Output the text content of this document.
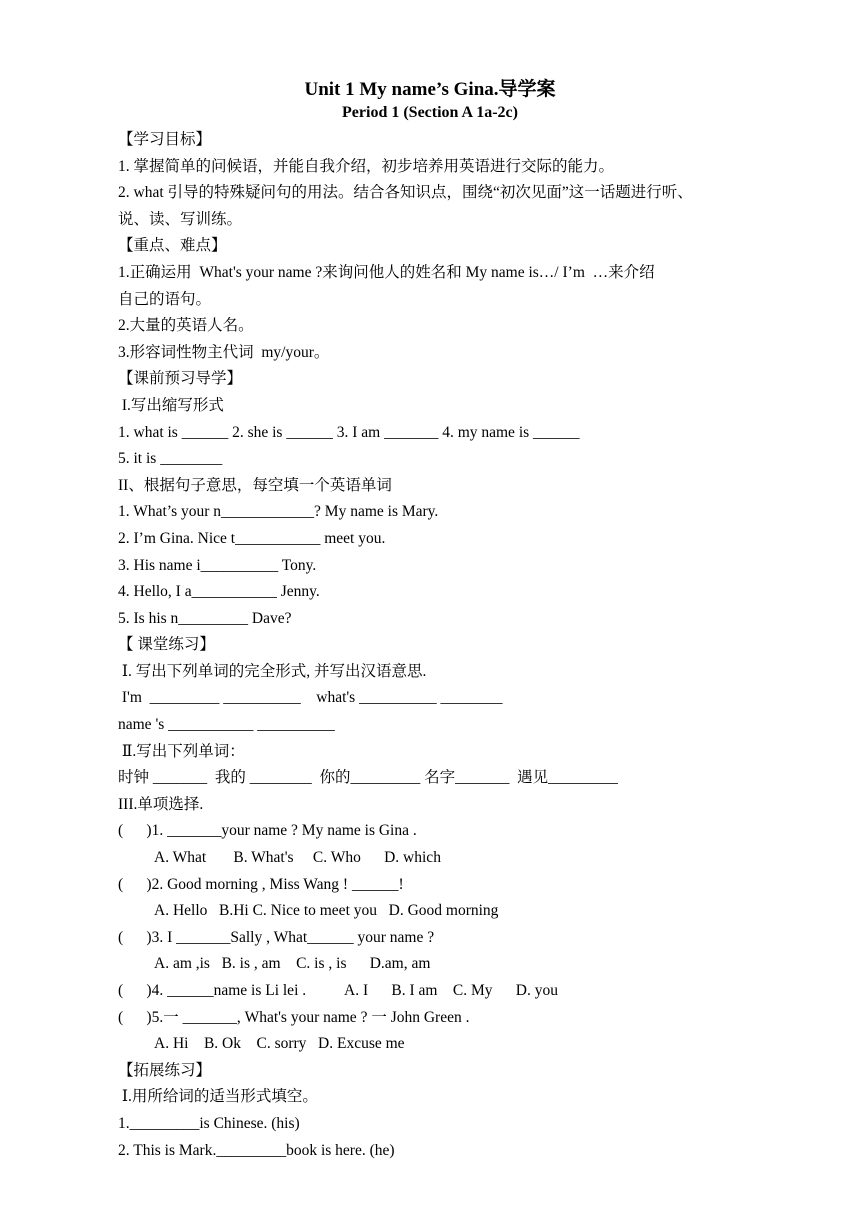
Unit 1 My name’s Gina.导学案
Period 1 (Section A 1a-2c)
【学习目标】
1. 掌握简单的问候语，并能自我介绍，初步培养用英语进行交际的能力。
2. what 引导的特殊疑问句的用法。结合各知识点，围绕“初次见面”这一话题进行听、
说、读、写训练。
【重点、难点】
1.正确运用  What's your name ?来询问他人的姓名和 My name is…/ I’m  …来介绍
自己的语句。
2.大量的英语人名。
3.形容词性物主代词  my/your。
【课前预习导学】
I.写出缩写形式
1. what is ______ 2. she is ______ 3. I am _______ 4. my name is ______
5. it is ________
II、根据句子意思，每空填一个英语单词
1. What’s your n____________? My name is Mary.
2. I’m Gina. Nice t___________ meet you.
3. His name i__________ Tony.
4. Hello, I a___________ Jenny.
5. Is his n_________ Dave?
【 课堂练习】
Ⅰ. 写出下列单词的完全形式, 并写出汉语意思.
I'm  _________ __________    what's __________ ________
name 's ___________ __________
Ⅱ.写出下列单词：
时钟 _______  我的 ________  你的_________ 名字_______  遇见_________
III.单项选择.
(      )1. _______your name ? My name is Gina .
A. What       B. What's     C. Who      D. which
(      )2. Good morning , Miss Wang ! ______!
A. Hello   B.Hi C. Nice to meet you   D. Good morning
(      )3. I _______Sally , What______ your name ?
A. am ,is   B. is , am    C. is , is      D.am, am
(      )4. ______name is Li lei .          A. I      B. I am    C. My      D. you
(      )5.一 _______, What's your name ? 一 John Green .
A. Hi    B. Ok    C. sorry   D. Excuse me
【拓展练习】
Ⅰ.用所给词的适当形式填空。
1._________is Chinese. (his)
2. This is Mark._________book is here. (he)
